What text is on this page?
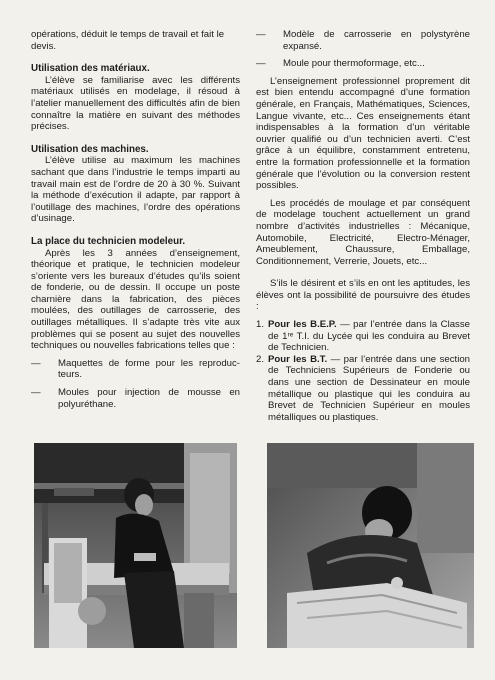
opérations, déduit le temps de travail et fait le
devis.

Utilisation des matériaux.

L’élève se familiarise avec les différents matériaux utilisés en modelage, il résoud à l’atelier manuellement des difficultés afin de bien connaître la matière en suivant des méthodes précises.

Utilisation des machines.

L’élève utilise au maximum les machines sachant que dans l’industrie le temps imparti au travail main est de l’ordre de 20 à 30 %. Suivant la méthode d’exécution il adapte, par rapport à l’outillage des machines, l’ordre des opérations d’usinage.

La place du technicien modeleur.

Après les 3 années d’enseignement, théorique et pratique, le technicien modeleur s’oriente vers les bureaux d’études qu’ils soient de fonderie, ou de dessin. Il occupe un poste charnière dans la fabrication, des pièces moulées, des outillages de carrosserie, des outillages métalliques. Il s’adapte très vite aux problèmes qui se posent au sujet des nouvelles techniques ou nouvelles fabrications telles que :

—	Maquettes de forme pour les reproduc- teurs.
—	Moules pour injection de mousse en polyuréthane.
—	Modèle de carrosserie en polystyrène expansé.
—	Moule pour thermoformage, etc...

L’enseignement professionnel proprement dit est bien entendu accompagné d’une formation générale, en Français, Mathématiques, Sciences, Langue vivante, etc... Ces enseignements étant indispensables à la formation d’un véritable ouvrier qualifié ou d’un technicien averti. C’est grâce à un équilibre, constamment entretenu, entre la formation professionnelle et la formation générale que l’évolution ou la conversion restent possibles.

Les procédés de moulage et par conséquent de modelage touchent actuellement un grand nombre d’activités industrielles : Mécanique, Automobile, Electricité, Electro-Ménager, Ameublement, Chaussure, Emballage, Conditionnement, Verrerie, Jouets, etc...

S’ils le désirent et s’ils en ont les aptitudes, les élèves ont la possibilité de poursuivre des études :

1. Pour les B.E.P. — par l’entrée dans la Classe de 1ʳᵉ T.I. du Lycée qui les conduira au Brevet de Technicien.
2. Pour les B.T. — par l’entrée dans une section de Techniciens Supérieurs de Fonderie ou dans une section de Dessinateur en moule métallique ou plastique qui les conduira au Brevet de Technicien Supérieur en moules métalliques ou plastiques.
